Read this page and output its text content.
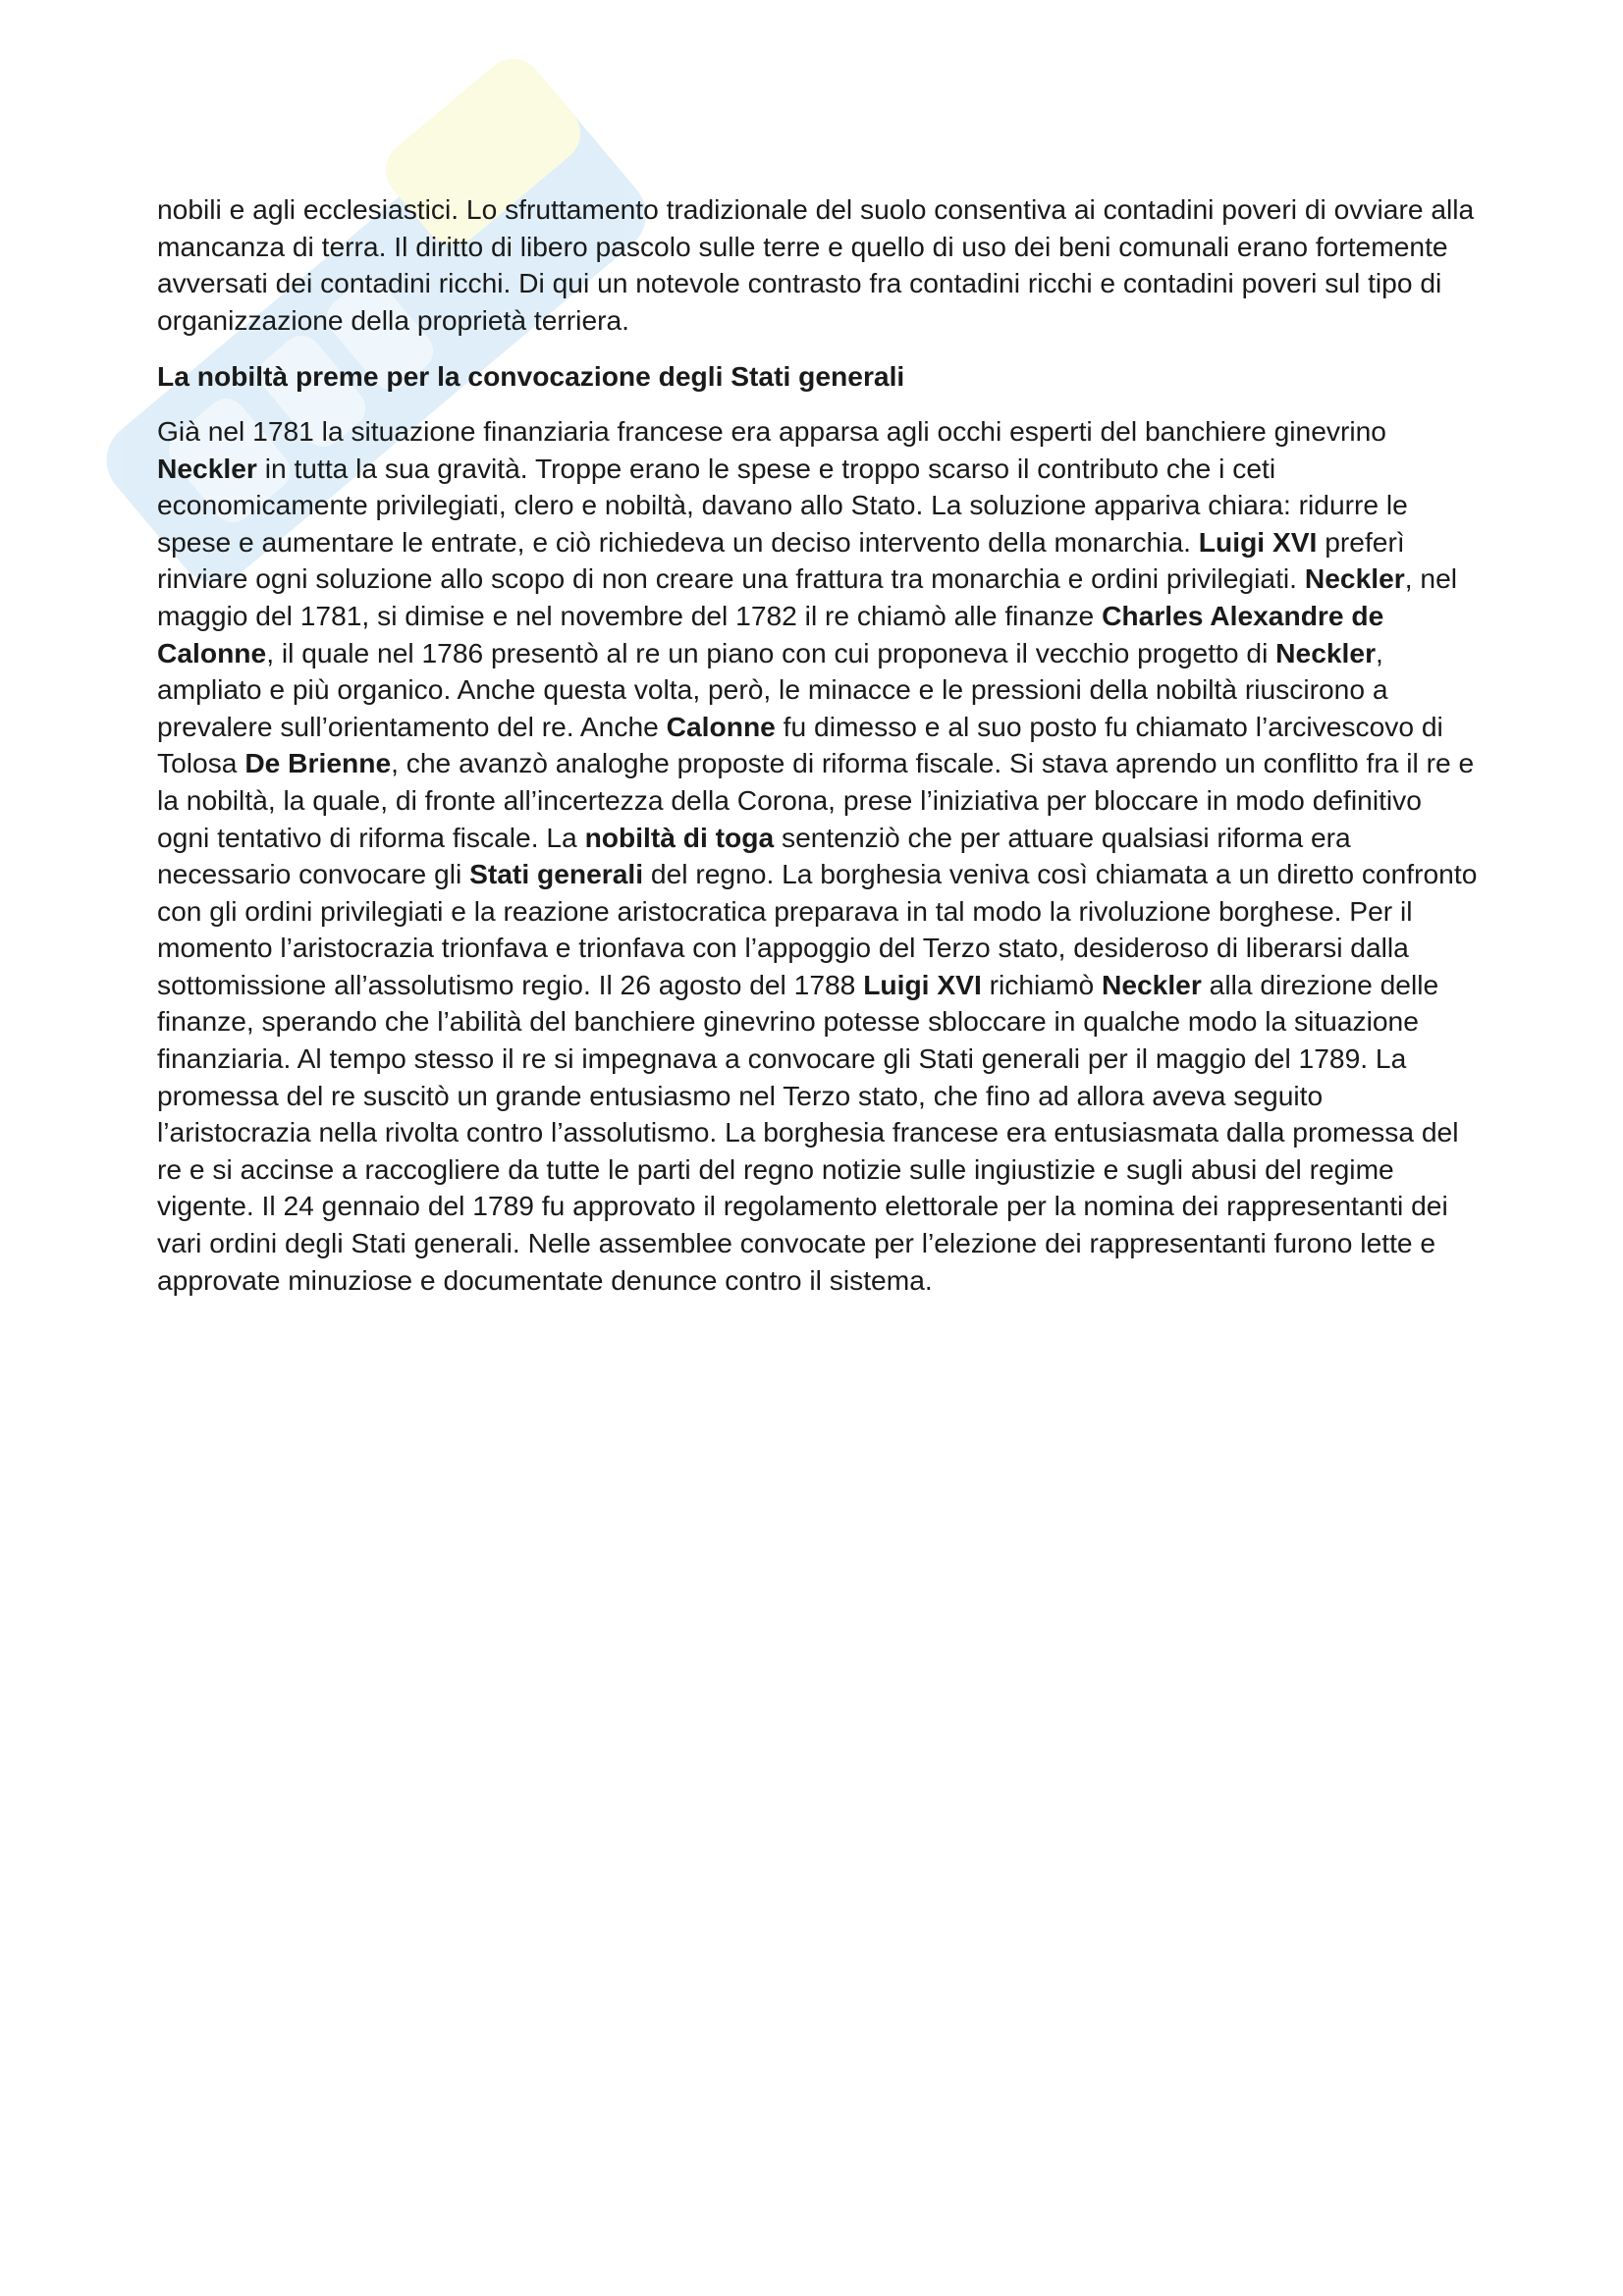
nobili e agli ecclesiastici. Lo sfruttamento tradizionale del suolo consentiva ai contadini poveri di ovviare alla mancanza di terra. Il diritto di libero pascolo sulle terre e quello di uso dei beni comunali erano fortemente avversati dei contadini ricchi. Di qui un notevole contrasto fra contadini ricchi e contadini poveri sul tipo di organizzazione della proprietà terriera.

La nobiltà preme per la convocazione degli Stati generali

Già nel 1781 la situazione finanziaria francese era apparsa agli occhi esperti del banchiere ginevrino Neckler in tutta la sua gravità. Troppe erano le spese e troppo scarso il contributo che i ceti economicamente privilegiati, clero e nobiltà, davano allo Stato. La soluzione appariva chiara: ridurre le spese e aumentare le entrate, e ciò richiedeva un deciso intervento della monarchia. Luigi XVI preferì rinviare ogni soluzione allo scopo di non creare una frattura tra monarchia e ordini privilegiati. Neckler, nel maggio del 1781, si dimise e nel novembre del 1782 il re chiamò alle finanze Charles Alexandre de Calonne, il quale nel 1786 presentò al re un piano con cui proponeva il vecchio progetto di Neckler, ampliato e più organico. Anche questa volta, però, le minacce e le pressioni della nobiltà riuscirono a prevalere sull’orientamento del re. Anche Calonne fu dimesso e al suo posto fu chiamato l’arcivescovo di Tolosa De Brienne, che avanzò analoghe proposte di riforma fiscale. Si stava aprendo un conflitto fra il re e la nobiltà, la quale, di fronte all’incertezza della Corona, prese l’iniziativa per bloccare in modo definitivo ogni tentativo di riforma fiscale. La nobiltà di toga sentenziò che per attuare qualsiasi riforma era necessario convocare gli Stati generali del regno. La borghesia veniva così chiamata a un diretto confronto con gli ordini privilegiati e la reazione aristocratica preparava in tal modo la rivoluzione borghese. Per il momento l’aristocrazia trionfava e trionfava con l’appoggio del Terzo stato, desideroso di liberarsi dalla sottomissione all’assolutismo regio. Il 26 agosto del 1788 Luigi XVI richiamò Neckler alla direzione delle finanze, sperando che l’abilità del banchiere ginevrino potesse sbloccare in qualche modo la situazione finanziaria. Al tempo stesso il re si impegnava a convocare gli Stati generali per il maggio del 1789. La promessa del re suscitò un grande entusiasmo nel Terzo stato, che fino ad allora aveva seguito l’aristocrazia nella rivolta contro l’assolutismo. La borghesia francese era entusiasmata dalla promessa del re e si accinse a raccogliere da tutte le parti del regno notizie sulle ingiustizie e sugli abusi del regime vigente. Il 24 gennaio del 1789 fu approvato il regolamento elettorale per la nomina dei rappresentanti dei vari ordini degli Stati generali. Nelle assemblee convocate per l’elezione dei rappresentanti furono lette e approvate minuziose e documentate denunce contro il sistema.
